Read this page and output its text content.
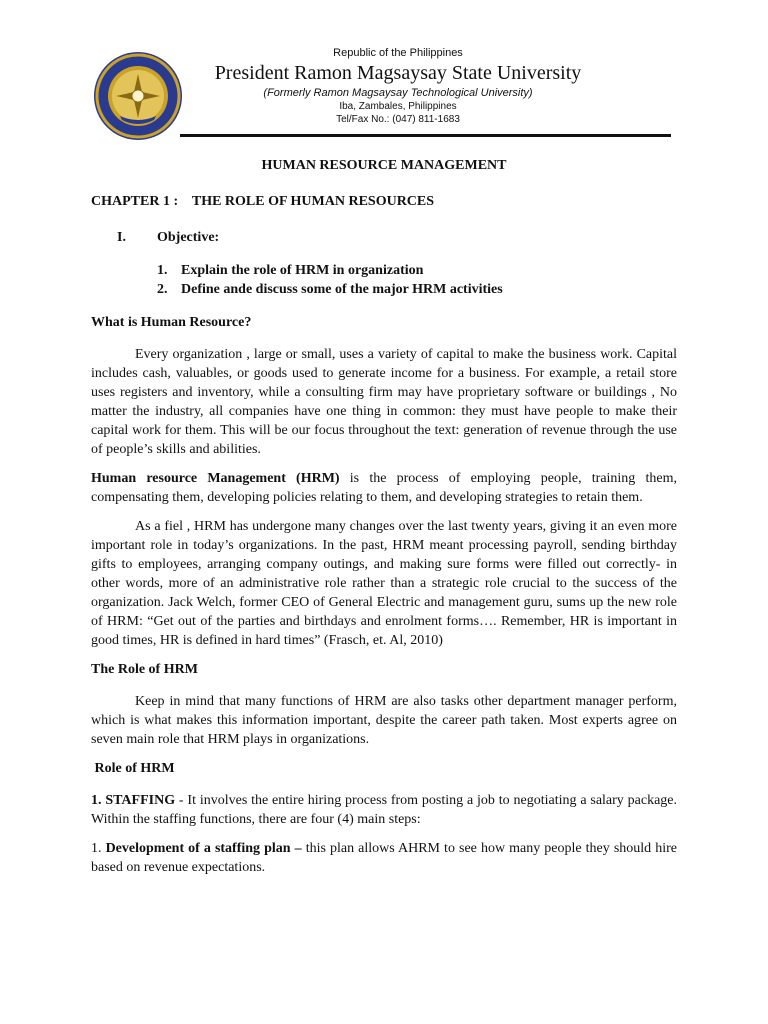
Republic of the Philippines
President Ramon Magsaysay State University
(Formerly Ramon Magsaysay Technological University)
Iba, Zambales, Philippines
Tel/Fax No.: (047) 811-1683
HUMAN RESOURCE MANAGEMENT
CHAPTER 1 :    THE ROLE OF HUMAN RESOURCES
I. Objective:
1. Explain the role of HRM in organization
2. Define ande discuss some of the major HRM activities
What is Human Resource?

Every organization , large or small, uses a variety of capital to make the business work. Capital includes cash, valuables, or goods used to generate income for a business. For example, a retail store uses registers and inventory, while a consulting firm may have proprietary software or buildings , No matter the industry, all companies have one thing in common: they must have people to make their capital work for them. This will be our focus throughout the text: generation of revenue through the use of people’s skills and abilities.

Human resource Management (HRM) is the process of employing people, training them, compensating them, developing policies relating to them, and developing strategies to retain them.

As a fiel , HRM has undergone many changes over the last twenty years, giving it an even more important role in today’s organizations. In the past, HRM meant processing payroll, sending birthday gifts to employees, arranging company outings, and making sure forms were filled out correctly- in other words, more of an administrative role rather than a strategic role crucial to the success of the organization. Jack Welch, former CEO of General Electric and management guru, sums up the new role of HRM: “Get out of the parties and birthdays and enrolment forms…. Remember, HR is important in good times, HR is defined in hard times” (Frasch, et. Al, 2010)

The Role of HRM

Keep in mind that many functions of HRM are also tasks other department manager perform, which is what makes this information important, despite the career path taken. Most experts agree on seven main role that HRM plays in organizations.

Role of HRM

1. STAFFING - It involves the entire hiring process from posting a job to negotiating a salary package. Within the staffing functions, there are four (4) main steps:

1. Development of a staffing plan – this plan allows AHRM to see how many people they should hire based on revenue expectations.
